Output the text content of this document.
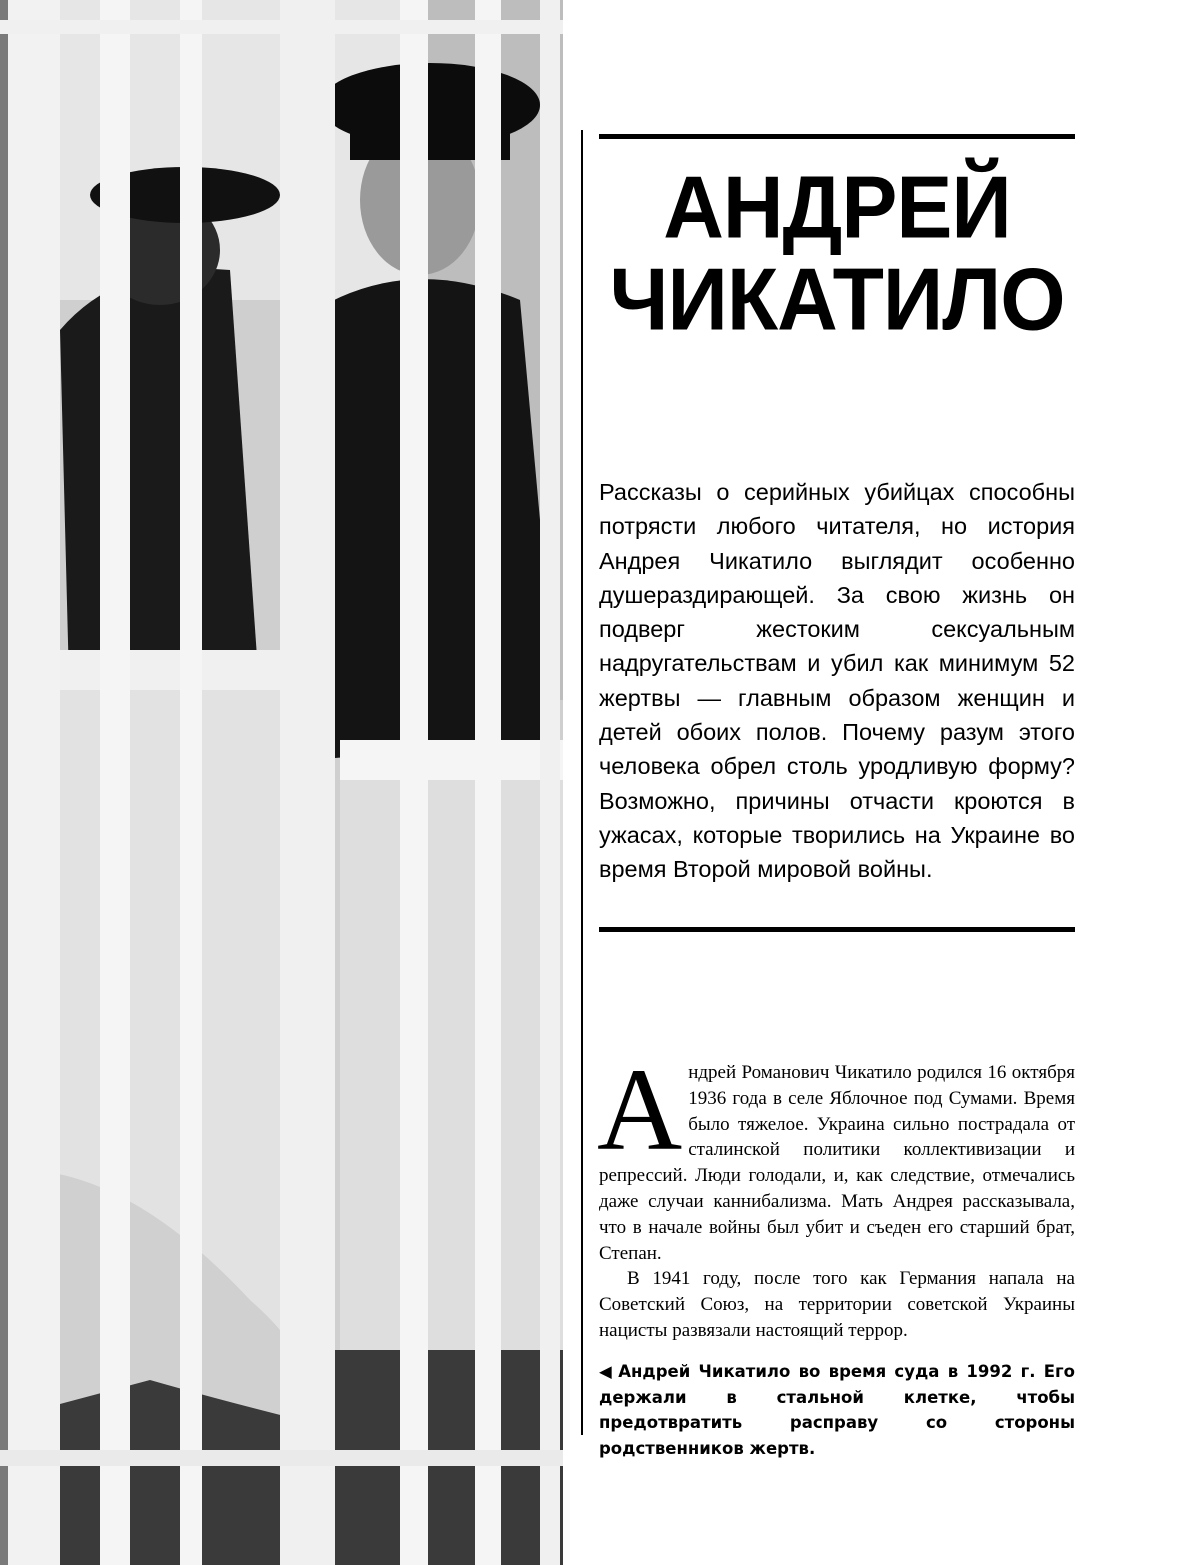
АНДРЕЙ
ЧИКАТИЛО

Рассказы о серийных убийцах способны потрясти любого читателя, но история Андрея Чикатило выглядит особенно душераздирающей. За свою жизнь он подверг жестоким сексуальным надругательствам и убил как минимум 52 жертвы — главным образом женщин и детей обоих полов. Почему разум этого человека обрел столь уродливую форму? Возможно, причины отчасти кроются в ужасах, которые творились на Украине во время Второй мировой войны.

Андрей Романович Чикатило родился 16 октября 1936 года в селе Яблочное под Сумами. Время было тяжелое. Украина сильно пострадала от сталинской политики коллективизации и репрессий. Люди голодали, и, как следствие, отмечались даже случаи каннибализма. Мать Андрея рассказывала, что в начале войны был убит и съеден его старший брат, Степан.

В 1941 году, после того как Германия напала на Советский Союз, на территории советской Украины нацисты развязали настоящий террор.

◀ Андрей Чикатило во время суда в 1992 г. Его держали в стальной клетке, чтобы предотвратить расправу со стороны родственников жертв.
